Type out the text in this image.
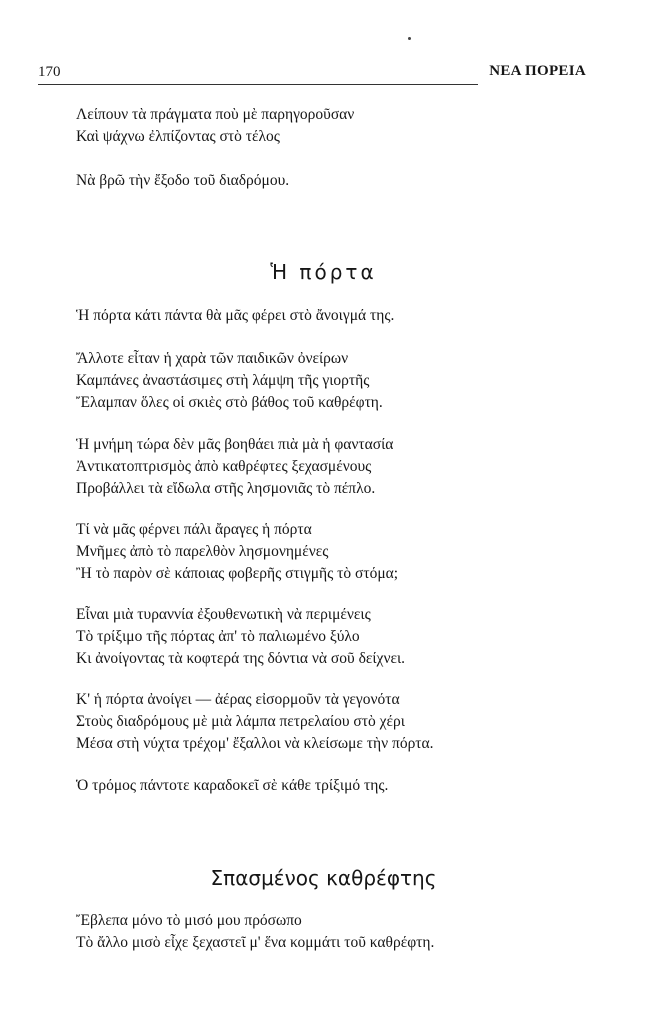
170	ΝΕΑ ΠΟΡΕΙΑ
Λείπουν τὰ πράγματα ποὺ μὲ παρηγοροῦσαν
Καὶ ψάχνω ἐλπίζοντας στὸ τέλος
Νὰ βρῶ τὴν ἔξοδο τοῦ διαδρόμου.
Ἡ πόρτα
Ἡ πόρτα κάτι πάντα θὰ μᾶς φέρει στὸ ἄνοιγμά της.
Ἄλλοτε εἶταν ἡ χαρὰ τῶν παιδικῶν ὀνείρων
Καμπάνες ἀναστάσιμες στὴ λάμψη τῆς γιορτῆς
Ἔλαμπαν ὅλες οἱ σκιὲς στὸ βάθος τοῦ καθρέφτη.
Ἡ μνήμη τώρα δὲν μᾶς βοηθάει πιὰ μὰ ἡ φαντασία
Ἀντικατοπτρισμὸς ἀπὸ καθρέφτες ξεχασμένους
Προβάλλει τὰ εἴδωλα στῆς λησμονιᾶς τὸ πέπλο.
Τί νὰ μᾶς φέρνει πάλι ἄραγες ἡ πόρτα
Μνῆμες ἀπὸ τὸ παρελθὸν λησμονημένες
Ἢ τὸ παρὸν σὲ κάποιας φοβερῆς στιγμῆς τὸ στόμα;
Εἶναι μιὰ τυραννία ἐξουθενωτικὴ νὰ περιμένεις
Τὸ τρίξιμο τῆς πόρτας ἀπ' τὸ παλιωμένο ξύλο
Κι ἀνοίγοντας τὰ κοφτερά της δόντια νὰ σοῦ δείχνει.
Κ' ἡ πόρτα ἀνοίγει — ἀέρας εἰσορμοῦν τὰ γεγονότα
Στοὺς διαδρόμους μὲ μιὰ λάμπα πετρελαίου στὸ χέρι
Μέσα στὴ νύχτα τρέχομ' ἔξαλλοι νὰ κλείσωμε τὴν πόρτα.
Ὁ τρόμος πάντοτε καραδοκεῖ σὲ κάθε τρίξιμό της.
Σπασμένος καθρέφτης
Ἔβλεπα μόνο τὸ μισό μου πρόσωπο
Τὸ ἄλλο μισὸ εἶχε ξεχαστεῖ μ' ἕνα κομμάτι τοῦ καθρέφτη.
